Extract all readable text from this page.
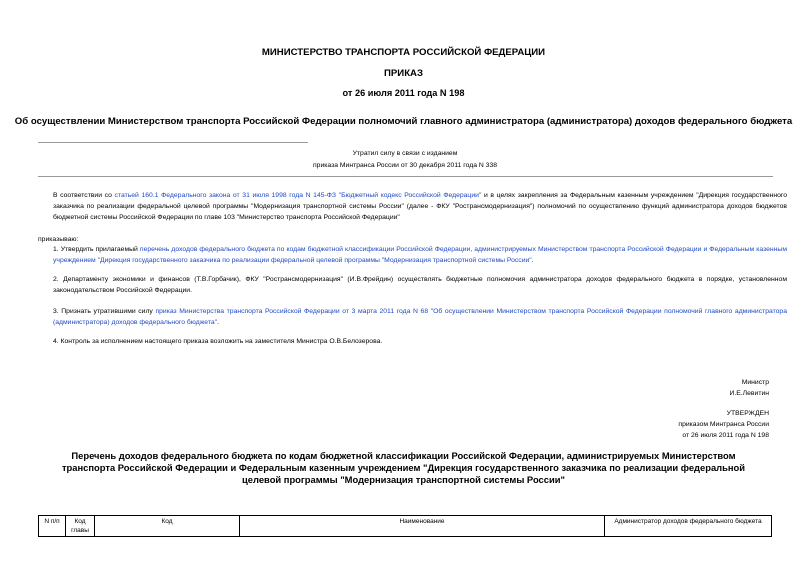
МИНИСТЕРСТВО ТРАНСПОРТА РОССИЙСКОЙ ФЕДЕРАЦИИ
ПРИКАЗ
от 26 июля 2011 года N 198
Об осуществлении Министерством транспорта Российской Федерации полномочий главного администратора (администратора) доходов федерального бюджета
Утратил силу в связи с изданием
приказа Минтранса России от 30 декабря 2011 года N 338
В соответствии со статьей 160.1 Федерального закона от 31 июля 1998 года N 145-ФЗ "Бюджетный кодекс Российской Федерации" и в целях закрепления за Федеральным казенным учреждением "Дирекция государственного заказчика по реализации федеральной целевой программы "Модернизация транспортной системы России" (далее - ФКУ "Ространсмодернизация") полномочий по осуществлению функций администратора доходов бюджетов бюджетной системы Российской Федерации по главе 103 "Министерство транспорта Российской Федерации"
приказываю:
1. Утвердить прилагаемый перечень доходов федерального бюджета по кодам бюджетной классификации Российской Федерации, администрируемых Министерством транспорта Российской Федерации и Федеральным казенным учреждением "Дирекция государственного заказчика по реализации федеральной целевой программы "Модернизация транспортной системы России".
2. Департаменту экономики и финансов (Т.В.Горбачик), ФКУ "Ространсмодернизация" (И.В.Фрейдин) осуществлять бюджетные полномочия администратора доходов федерального бюджета в порядке, установленном законодательством Российской Федерации.
3. Признать утратившими силу приказ Министерства транспорта Российской Федерации от 3 марта 2011 года N 68 "Об осуществлении Министерством транспорта Российской Федерации полномочий главного администратора (администратора) доходов федерального бюджета".
4. Контроль за исполнением настоящего приказа возложить на заместителя Министра О.В.Белозерова.
Министр
И.Е.Левитин
УТВЕРЖДЕН
приказом Минтранса России
от 26 июля 2011 года N 198
Перечень доходов федерального бюджета по кодам бюджетной классификации Российской Федерации, администрируемых Министерством транспорта Российской Федерации и Федеральным казенным учреждением "Дирекция государственного заказчика по реализации федеральной целевой программы "Модернизация транспортной системы России"
N п/п	Код главы	Код	Наименование	Администратор доходов федерального бюджета
